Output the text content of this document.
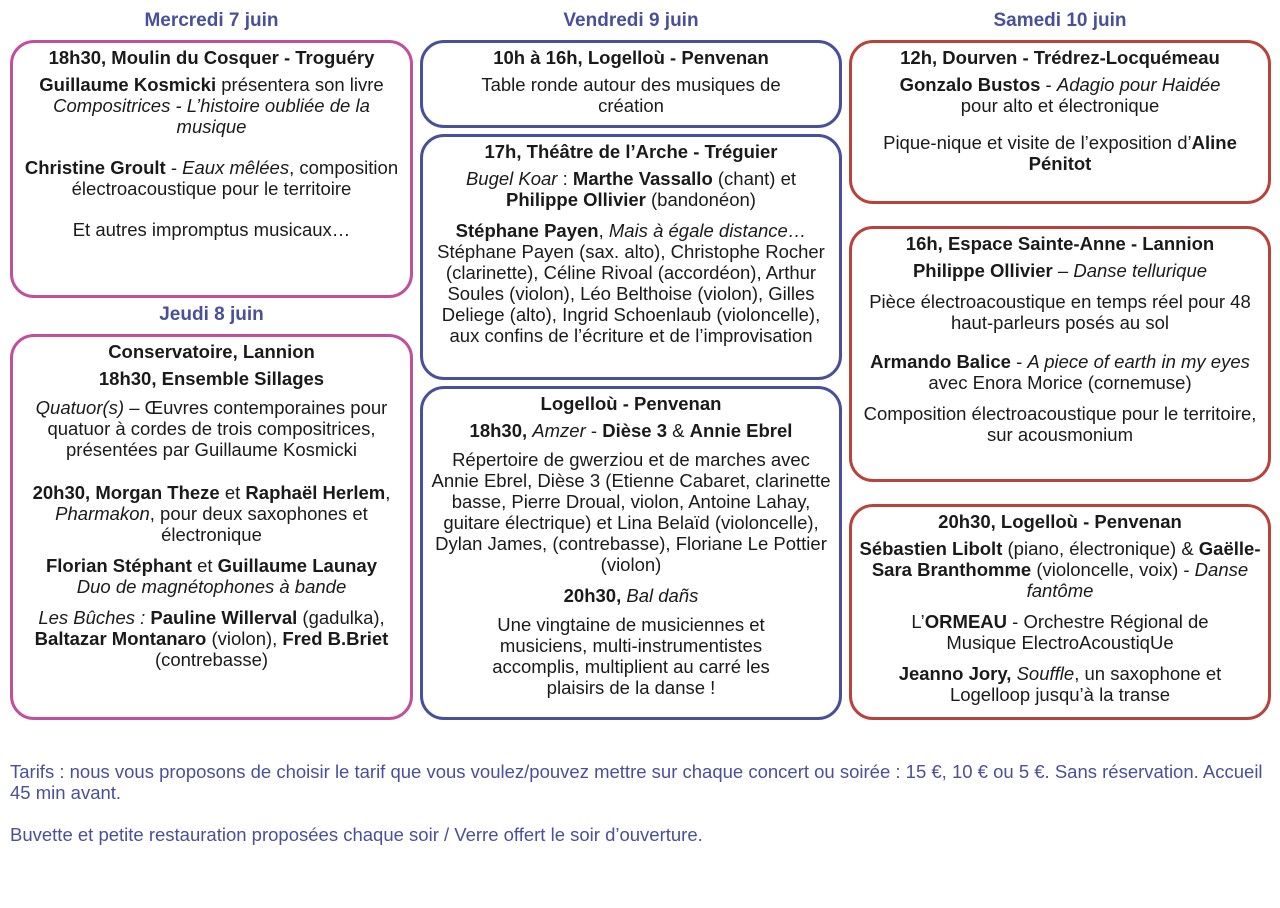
Mercredi 7 juin
Jeudi 8 juin
Vendredi 9 juin	Samedi 10 juin

18h30, Moulin du Cosquer - Troguéry

Guillaume Kosmicki présentera son livre Compositrices - L’histoire oubliée de la musique

Christine Groult - Eaux mêlées, composition électroacoustique pour le territoire

Et autres impromptus musicaux…

Conservatoire, Lannion

18h30, Ensemble Sillages

Quatuor(s) – Œuvres contemporaines pour quatuor à cordes de trois compositrices, présentées par Guillaume Kosmicki

20h30, Morgan Theze et Raphaël Herlem, Pharmakon, pour deux saxophones et électronique

Florian Stéphant et Guillaume Launay
Duo de magnétophones à bande

Les Bûches : Pauline Willerval (gadulka), Baltazar Montanaro (violon), Fred B.Briet (contrebasse)

10h à 16h, Logelloù - Penvenan

Table ronde autour des musiques de création

17h, Théâtre de l’Arche - Tréguier

Bugel Koar : Marthe Vassallo (chant) et Philippe Ollivier (bandonéon)

Stéphane Payen, Mais à égale distance… Stéphane Payen (sax. alto), Christophe Rocher (clarinette), Céline Rivoal (accordéon), Arthur Soules (violon), Léo Belthoise (violon), Gilles Deliege (alto), Ingrid Schoenlaub (violoncelle), aux confins de l’écriture et de l’improvisation

Logelloù - Penvenan

18h30, Amzer - Dièse 3 & Annie Ebrel

Répertoire de gwerziou et de marches avec Annie Ebrel, Dièse 3 (Etienne Cabaret, clarinette basse, Pierre Droual, violon, Antoine Lahay, guitare électrique) et Lina Belaïd (violoncelle), Dylan James, (contrebasse), Floriane Le Pottier (violon)

20h30, Bal dañs

Une vingtaine de musiciennes et musiciens, multi-instrumentistes accomplis, multiplient au carré les plaisirs de la danse !

12h, Dourven - Trédrez-Locquémeau

Gonzalo Bustos - Adagio pour Haidée
pour alto et électronique

Pique-nique et visite de l’exposition d’Aline Pénitot

16h, Espace Sainte-Anne - Lannion

Philippe Ollivier – Danse tellurique

Pièce électroacoustique en temps réel pour 48 haut-parleurs posés au sol

Armando Balice - A piece of earth in my eyes avec Enora Morice (cornemuse)

Composition électroacoustique pour le territoire, sur acousmonium

20h30, Logelloù - Penvenan

Sébastien Libolt (piano, électronique) & Gaëlle-Sara Branthomme (violoncelle, voix) - Danse fantôme

L’ORMEAU - Orchestre Régional de Musique ElectroAcoustiqUe

Jeanno Jory, Souffle, un saxophone et Logelloop jusqu’à la transe

Tarifs : nous vous proposons de choisir le tarif que vous voulez/pouvez mettre sur chaque concert ou soirée : 15 €, 10 € ou 5 €. Sans réservation. Accueil 45 min avant.
Buvette et petite restauration proposées chaque soir / Verre offert le soir d’ouverture.
